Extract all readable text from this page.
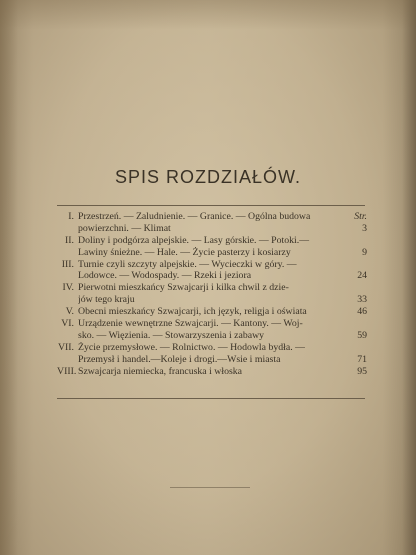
SPIS ROZDZIAŁÓW.
I. Przestrzeń. — Zaludnienie. — Granice. — Ogólna budowa	Str.
powierzchni. — Klimat	3
II. Doliny i podgórza alpejskie. — Lasy górskie. — Potoki.—
Lawiny śnieżne. — Hale. — Życie pasterzy i kosiarzy	9
III. Turnie czyli szczyty alpejskie. — Wycieczki w góry. —
Lodowce. — Wodospady. — Rzeki i jeziora	24
IV. Pierwotni mieszkańcy Szwajcarji i kilka chwil z dzie-
jów tego kraju	33
V. Obecni mieszkańcy Szwajcarji, ich język, religja i oświata	46
VI. Urządzenie wewnętrzne Szwajcarji. — Kantony. — Woj-
sko. — Więzienia. — Stowarzyszenia i zabawy	59
VII. Życie przemysłowe. — Rolnictwo. — Hodowla bydła. —
Przemysł i handel.—Koleje i drogi.—Wsie i miasta	71
VIII. Szwajcarja niemiecka, francuska i włoska	95
